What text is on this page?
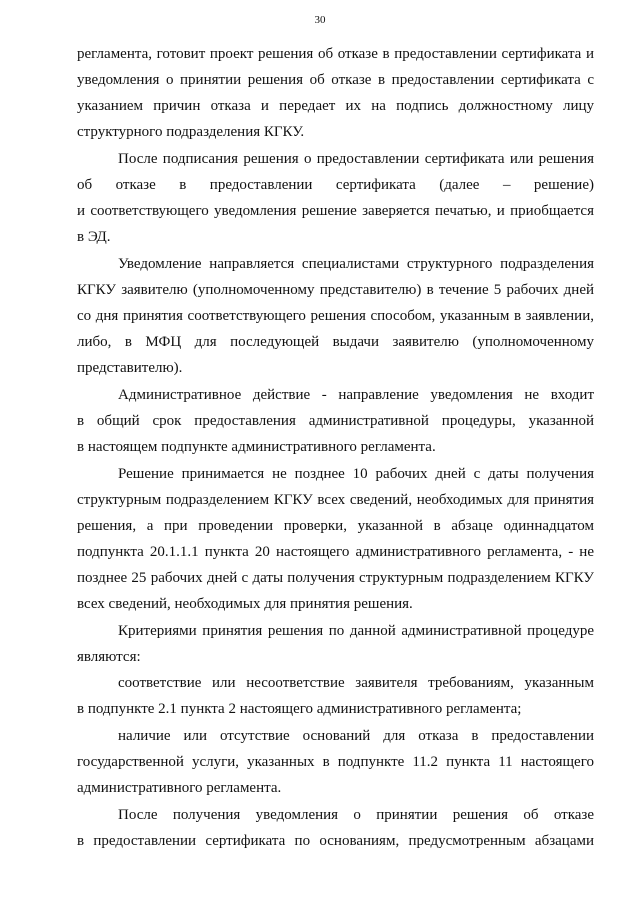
30
регламента, готовит проект решения об отказе в предоставлении сертификата и
уведомления о принятии решения об отказе в предоставлении сертификата с
указанием причин отказа и передает их на подпись должностному лицу
структурного подразделения КГКУ.
После подписания решения о предоставлении сертификата или решения
об отказе в предоставлении сертификата (далее – решение)
и соответствующего уведомления решение заверяется печатью, и приобщается
в ЭД.
Уведомление направляется специалистами структурного подразделения
КГКУ заявителю (уполномоченному представителю) в течение 5 рабочих дней
со дня принятия соответствующего решения способом, указанным в заявлении,
либо, в МФЦ для последующей выдачи заявителю (уполномоченному
представителю).
Административное действие - направление уведомления не входит
в общий срок предоставления административной процедуры, указанной
в настоящем подпункте административного регламента.
Решение принимается не позднее 10 рабочих дней с даты получения
структурным подразделением КГКУ всех сведений, необходимых для принятия
решения, а при проведении проверки, указанной в абзаце одиннадцатом
подпункта 20.1.1.1 пункта 20 настоящего административного регламента, - не
позднее 25 рабочих дней с даты получения структурным подразделением КГКУ
всех сведений, необходимых для принятия решения.
Критериями принятия решения по данной административной процедуре
являются:
соответствие или несоответствие заявителя требованиям, указанным
в подпункте 2.1 пункта 2 настоящего административного регламента;
наличие или отсутствие оснований для отказа в предоставлении
государственной услуги, указанных в подпункте 11.2 пункта 11 настоящего
административного регламента.
После получения уведомления о принятии решения об отказе
в предоставлении сертификата по основаниям, предусмотренным абзацами
